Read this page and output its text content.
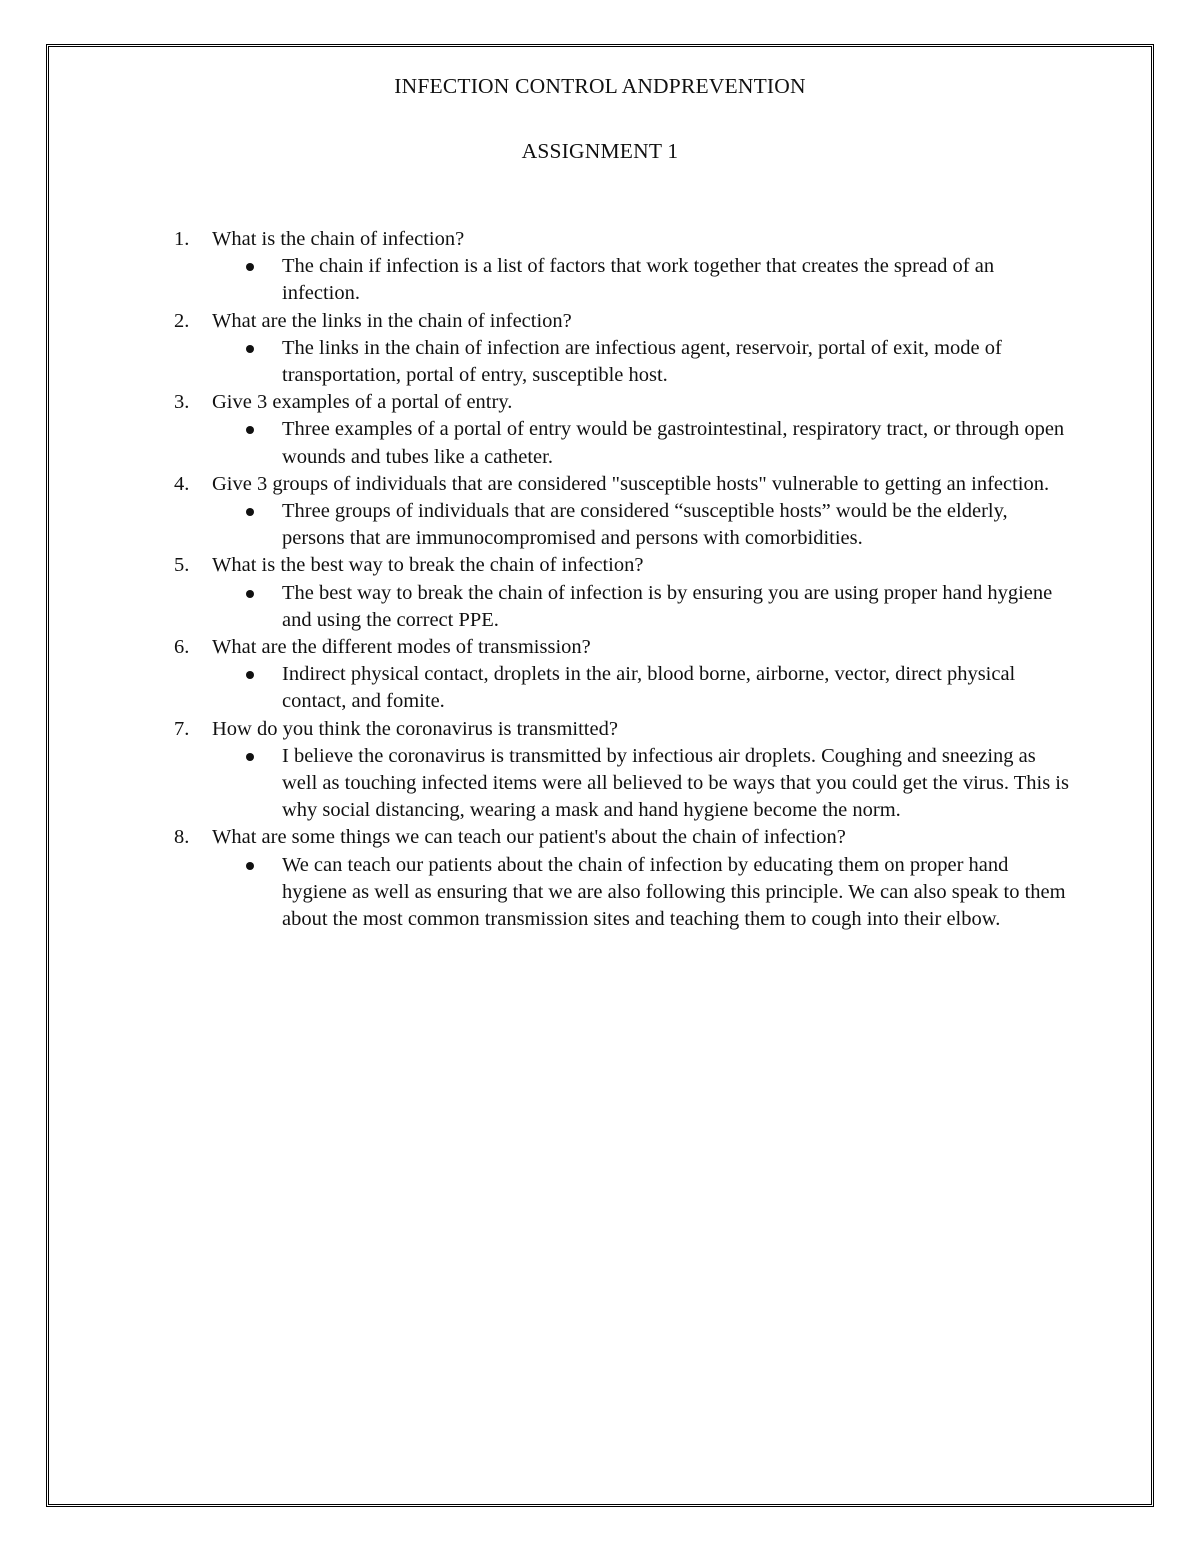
INFECTION CONTROL ANDPREVENTION
ASSIGNMENT 1
1.	What is the chain of infection?
The chain if infection is a list of factors that work together that creates the spread of an infection.
2.	What are the links in the chain of infection?
The links in the chain of infection are infectious agent, reservoir, portal of exit, mode of transportation, portal of entry, susceptible host.
3.	Give 3 examples of a portal of entry.
Three examples of a portal of entry would be gastrointestinal, respiratory tract, or through open wounds and tubes like a catheter.
4.	Give 3 groups of individuals that are considered "susceptible hosts" vulnerable to getting an infection.
Three groups of individuals that are considered “susceptible hosts” would be the elderly, persons that are immunocompromised and persons with comorbidities.
5.	What is the best way to break the chain of infection?
The best way to break the chain of infection is by ensuring you are using proper hand hygiene and using the correct PPE.
6.	What are the different modes of transmission?
Indirect physical contact, droplets in the air, blood borne, airborne, vector, direct physical contact, and fomite.
7.	How do you think the coronavirus is transmitted?
I believe the coronavirus is transmitted by infectious air droplets. Coughing and sneezing as well as touching infected items were all believed to be ways that you could get the virus. This is why social distancing, wearing a mask and hand hygiene become the norm.
8.	What are some things we can teach our patient's about the chain of infection?
We can teach our patients about the chain of infection by educating them on proper hand hygiene as well as ensuring that we are also following this principle. We can also speak to them about the most common transmission sites and teaching them to cough into their elbow.
